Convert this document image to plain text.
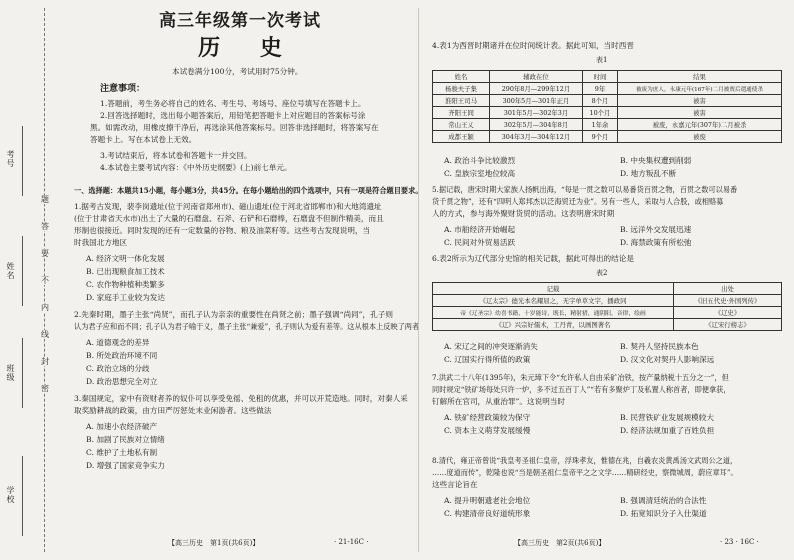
考号
姓名
班级
学校
题
答
要
不
内
线
封
密
高三年级第一次考试
历 史
本试卷满分100分，考试用时75分钟。
注意事项：
1.答题前，考生务必将自己的姓名、考生号、考场号、座位号填写在答题卡上。
2.回答选择题时，选出每小题答案后，用铅笔把答题卡上对应题目的答案标号涂
黑。如需改动，用橡皮擦干净后，再选涂其他答案标号。回答非选择题时，将答案写在
答题卡上。写在本试卷上无效。
3.考试结束后，将本试卷和答题卡一并交回。
4.本试卷主要考试内容：《中外历史纲要》(上)前七单元。
一、选择题：本题共15小题，每小题3分，共45分。在每小题给出的四个选项中，只有一项是符合题目要求。
1.据考古发现，裴李岗遗址(位于河南省郑州市)、磁山遗址(位于河北省邯郸市)和大地湾遗址
(位于甘肃省天水市)出土了大量的石磨盘、石斧、石铲和石磨棒，石磨盘不但制作精美，而且
形制也很接近。同时发现的还有一定数量的谷物、粮及油菜籽等。这些考古发现说明，当
时我国北方地区
A. 经济文明一体化发展
B. 已出现粮食加工技术
C. 农作物种植种类繁多
D. 家庭手工业较为发达
2.先秦时期，墨子主张“尚贤”，而孔子认为亲亲的重要性在尚贤之前；墨子强调“尚同”，孔子则
认为君子应和而不同；孔子认为君子喻于义，墨子主张“兼爱”，孔子则认为爱有差等。这从根本上反映了两者
A. 道德观念的差异
B. 所处政治环境不同
C. 政治立场的分歧
D. 政治思想完全对立
3.秦国规定，家中有资财者养的奴仆可以享受免徭、免租的优惠，并可以开荒造地。同时，对秦人采
取奖励耕战的政策，由方田严厉惩处末业闲游者。这些做法
A. 加速小农经济破产
B. 加剧了民族对立情绪
C. 维护了土地私有制
D. 增强了国家竞争实力
【高三历史　第1页(共6页)】	· 21-16C ·
4.表1为西晋时期诸并在位时间统计表。据此可知，当时西晋
表1
姓名	辅政在位	时间	结果
杨骏夫子集	290年8月—299年12月	9年	被废为庶人，永康元年(167年)二月被贾后遣通使杀
淮阳王司马	300年5月—301年正月	8个月	被害
齐阳王冏	301年5月—302年3月	10个月	被害
常山王乂	302年5月—304年8月	1年余	被废，永嘉元年(307年)二月被杀
成都王颖	304年3月—304年12月	9个月	被废
A. 政治斗争比较激烈	B. 中央集权遭到削弱
C. 皇族宗室地位较高	D. 地方叛乱不断
5.据记载，唐宋时期大家族人扬帆出海，“每是一贯之数可以易番货百贯之物，百贯之数可以易番
货千贯之物”，还有“四明人郑邦杰以泛海贸迁为业”。另有一些人，采取与人合股，或相赂募
人的方式，参与海外聚财货贸的活动。这表明唐宋时期
A. 市舶经济开始崛起	B. 远洋外交发展迅速
C. 民间对外贸易活跃	D. 海禁政策有所松弛
6.表2所示为辽代部分史馆的相关记载，据此可得出的结论是
表2
记载	出处
《辽太宗》德光本名耀屈之，无字单草文字，播政同	《旧五代史·外国列传》
帝《辽圣宗》幼喜书籍，十岁能诗，既长，精射猎，通阴阳，音律，绘画	《辽史》
《辽》兴宗好儒术，工丹青，以画图著名	《辽宋行榜志》
A. 宋辽之间的冲突逐渐消失	B. 契丹人坚持民族本色
C. 辽国实行得所值的政策	D. 汉文化对契丹人影响深远
7.洪武二十八年(1395年)，朱元璋下令“允许私人自由采矿冶铁，按产量纳税十五分之一”，但
同时规定“铁矿场每处只许一炉，多不过五百丁人”“若有多聚炉丁及私置人称首者，即便拿获，
钉解所在官司，从重治罪”。这说明当时
A. 铁矿经营政策较为保守	B. 民营铁矿业发展规模较大
C. 资本主义萌芽发展缓慢	D. 经济法规加重了百姓负担
8.清代，雍正帝曾说“我皇考圣祖仁皇帝，浮珠孝友，惟德在兆，自羲农炎黄禹汤文武周公之道，
……度道而传”，乾隆也说“当是朝圣祖仁皇帝平之之文学……精研经史，察微城周，蔚应章耳”。
这些言论旨在
A. 提升明朝遗老社会地位	B. 强调清廷统治的合法性
C. 构建清帝良好道统形象	D. 拓宽知识分子入仕渠道
【高三历史　第2页(共6页)】	· 23 · 16C ·
